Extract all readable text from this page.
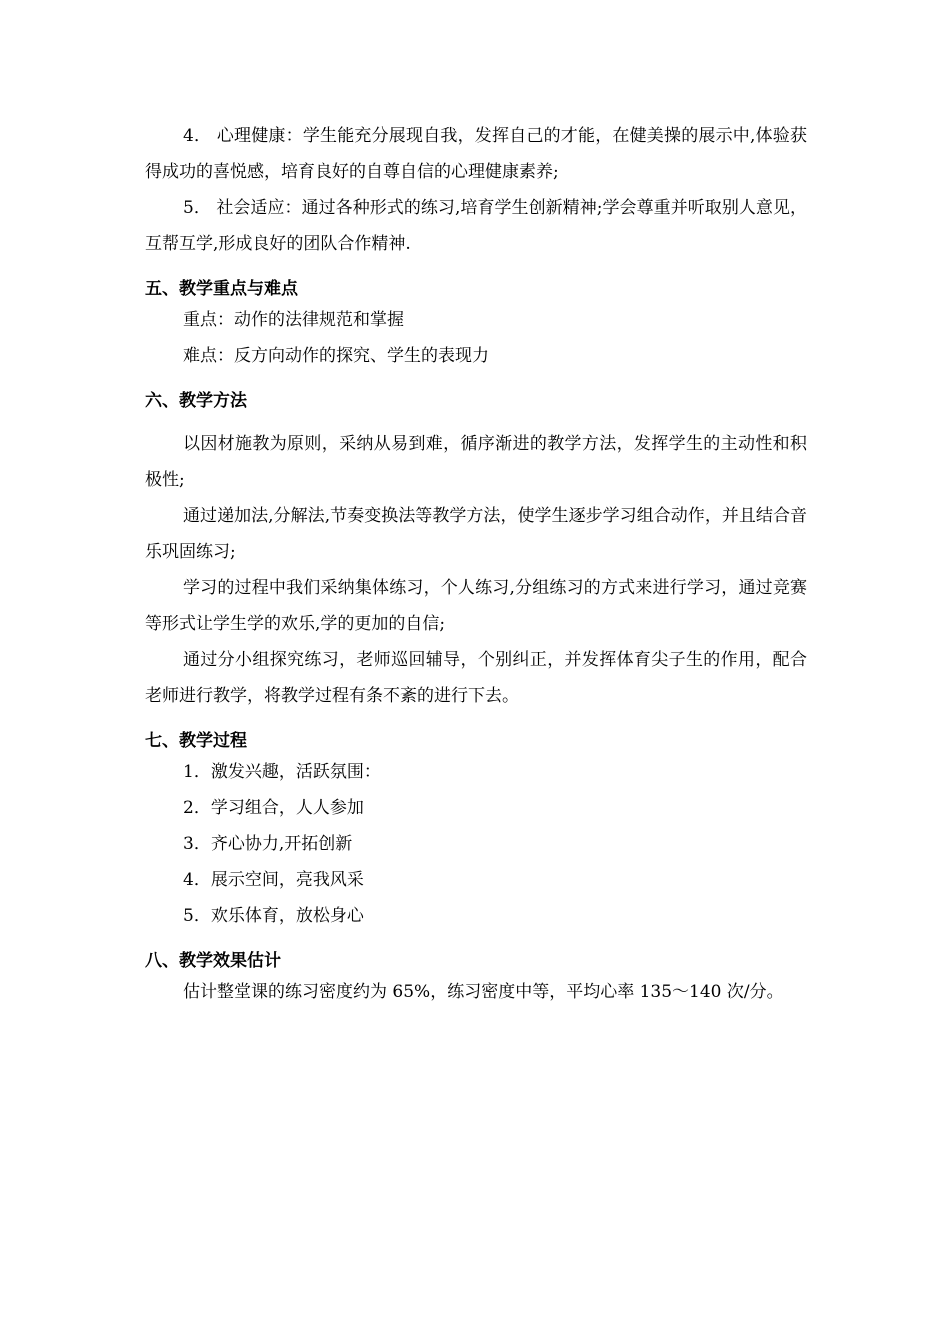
4． 心理健康：学生能充分展现自我，发挥自己的才能，在健美操的展示中,体验获得成功的喜悦感，培育良好的自尊自信的心理健康素养;

5． 社会适应：通过各种形式的练习,培育学生创新精神;学会尊重并听取别人意见，互帮互学,形成良好的团队合作精神.

五、教学重点与难点

重点：动作的法律规范和掌握

难点：反方向动作的探究、学生的表现力

六、教学方法

以因材施教为原则，采纳从易到难，循序渐进的教学方法，发挥学生的主动性和积极性;

通过递加法,分解法,节奏变换法等教学方法，使学生逐步学习组合动作，并且结合音乐巩固练习;

学习的过程中我们采纳集体练习，个人练习,分组练习的方式来进行学习，通过竞赛等形式让学生学的欢乐,学的更加的自信;

通过分小组探究练习，老师巡回辅导，个别纠正，并发挥体育尖子生的作用，配合老师进行教学，将教学过程有条不紊的进行下去。

七、教学过程

1．激发兴趣，活跃氛围：

2．学习组合，人人参加

3．齐心协力,开拓创新

4．展示空间，亮我风采

5．欢乐体育，放松身心

八、教学效果估计

估计整堂课的练习密度约为 65%，练习密度中等，平均心率 135～140 次/分。
